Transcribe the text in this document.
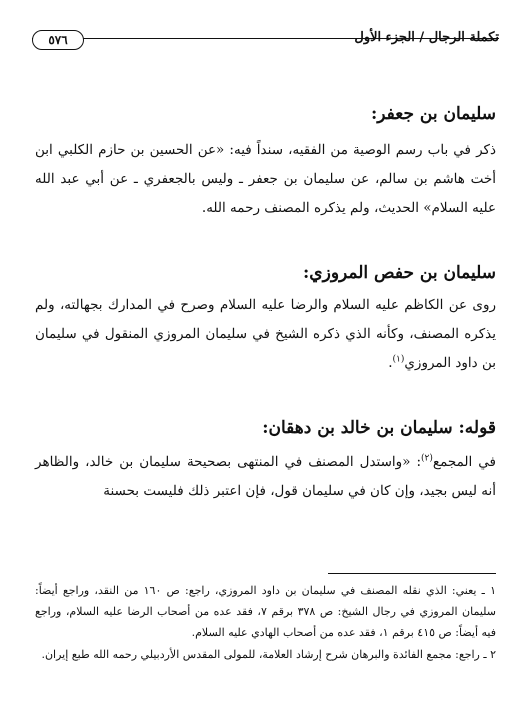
تكملة الرجال / الجزء الأول
٥٧٦
سليمان بن جعفر:

ذكر في باب رسم الوصية من الفقيه، سنداً فيه: «عن الحسين بن حازم الكلبي ابن أخت هاشم بن سالم، عن سليمان بن جعفر ـ وليس بالجعفري ـ عن أبي عبد الله عليه السلام» الحديث، ولم يذكره المصنف رحمه الله.

سليمان بن حفص المروزي:

روى عن الكاظم عليه السلام والرضا عليه السلام وصرح في المدارك بجهالته، ولم يذكره المصنف، وكأنه الذي ذكره الشيخ في سليمان المروزي المنقول في سليمان بن داود المروزي$^{(١)}$.

قوله: سليمان بن خالد بن دهقان:

في المجمع$^{(٢)}$: «واستدل المصنف في المنتهى بصحيحة سليمان بن خالد، والظاهر أنه ليس بجيد، وإن كان في سليمان قول، فإن اعتبر ذلك فليست بحسنة

١ ـ يعني: الذي نقله المصنف في سليمان بن داود المروزي، راجع: ص ١٦٠ من النقد، وراجع أيضاً: سليمان المروزي في رجال الشيخ: ص ٣٧٨ برقم ٧، فقد عده من أصحاب الرضا عليه السلام، وراجع فيه أيضاً: ص ٤١٥ برقم ١، فقد عده من أصحاب الهادي عليه السلام.

٢ ـ راجع: مجمع الفائدة والبرهان شرح إرشاد العلامة، للمولى المقدس الأردبيلي رحمه الله طبع إيران.
